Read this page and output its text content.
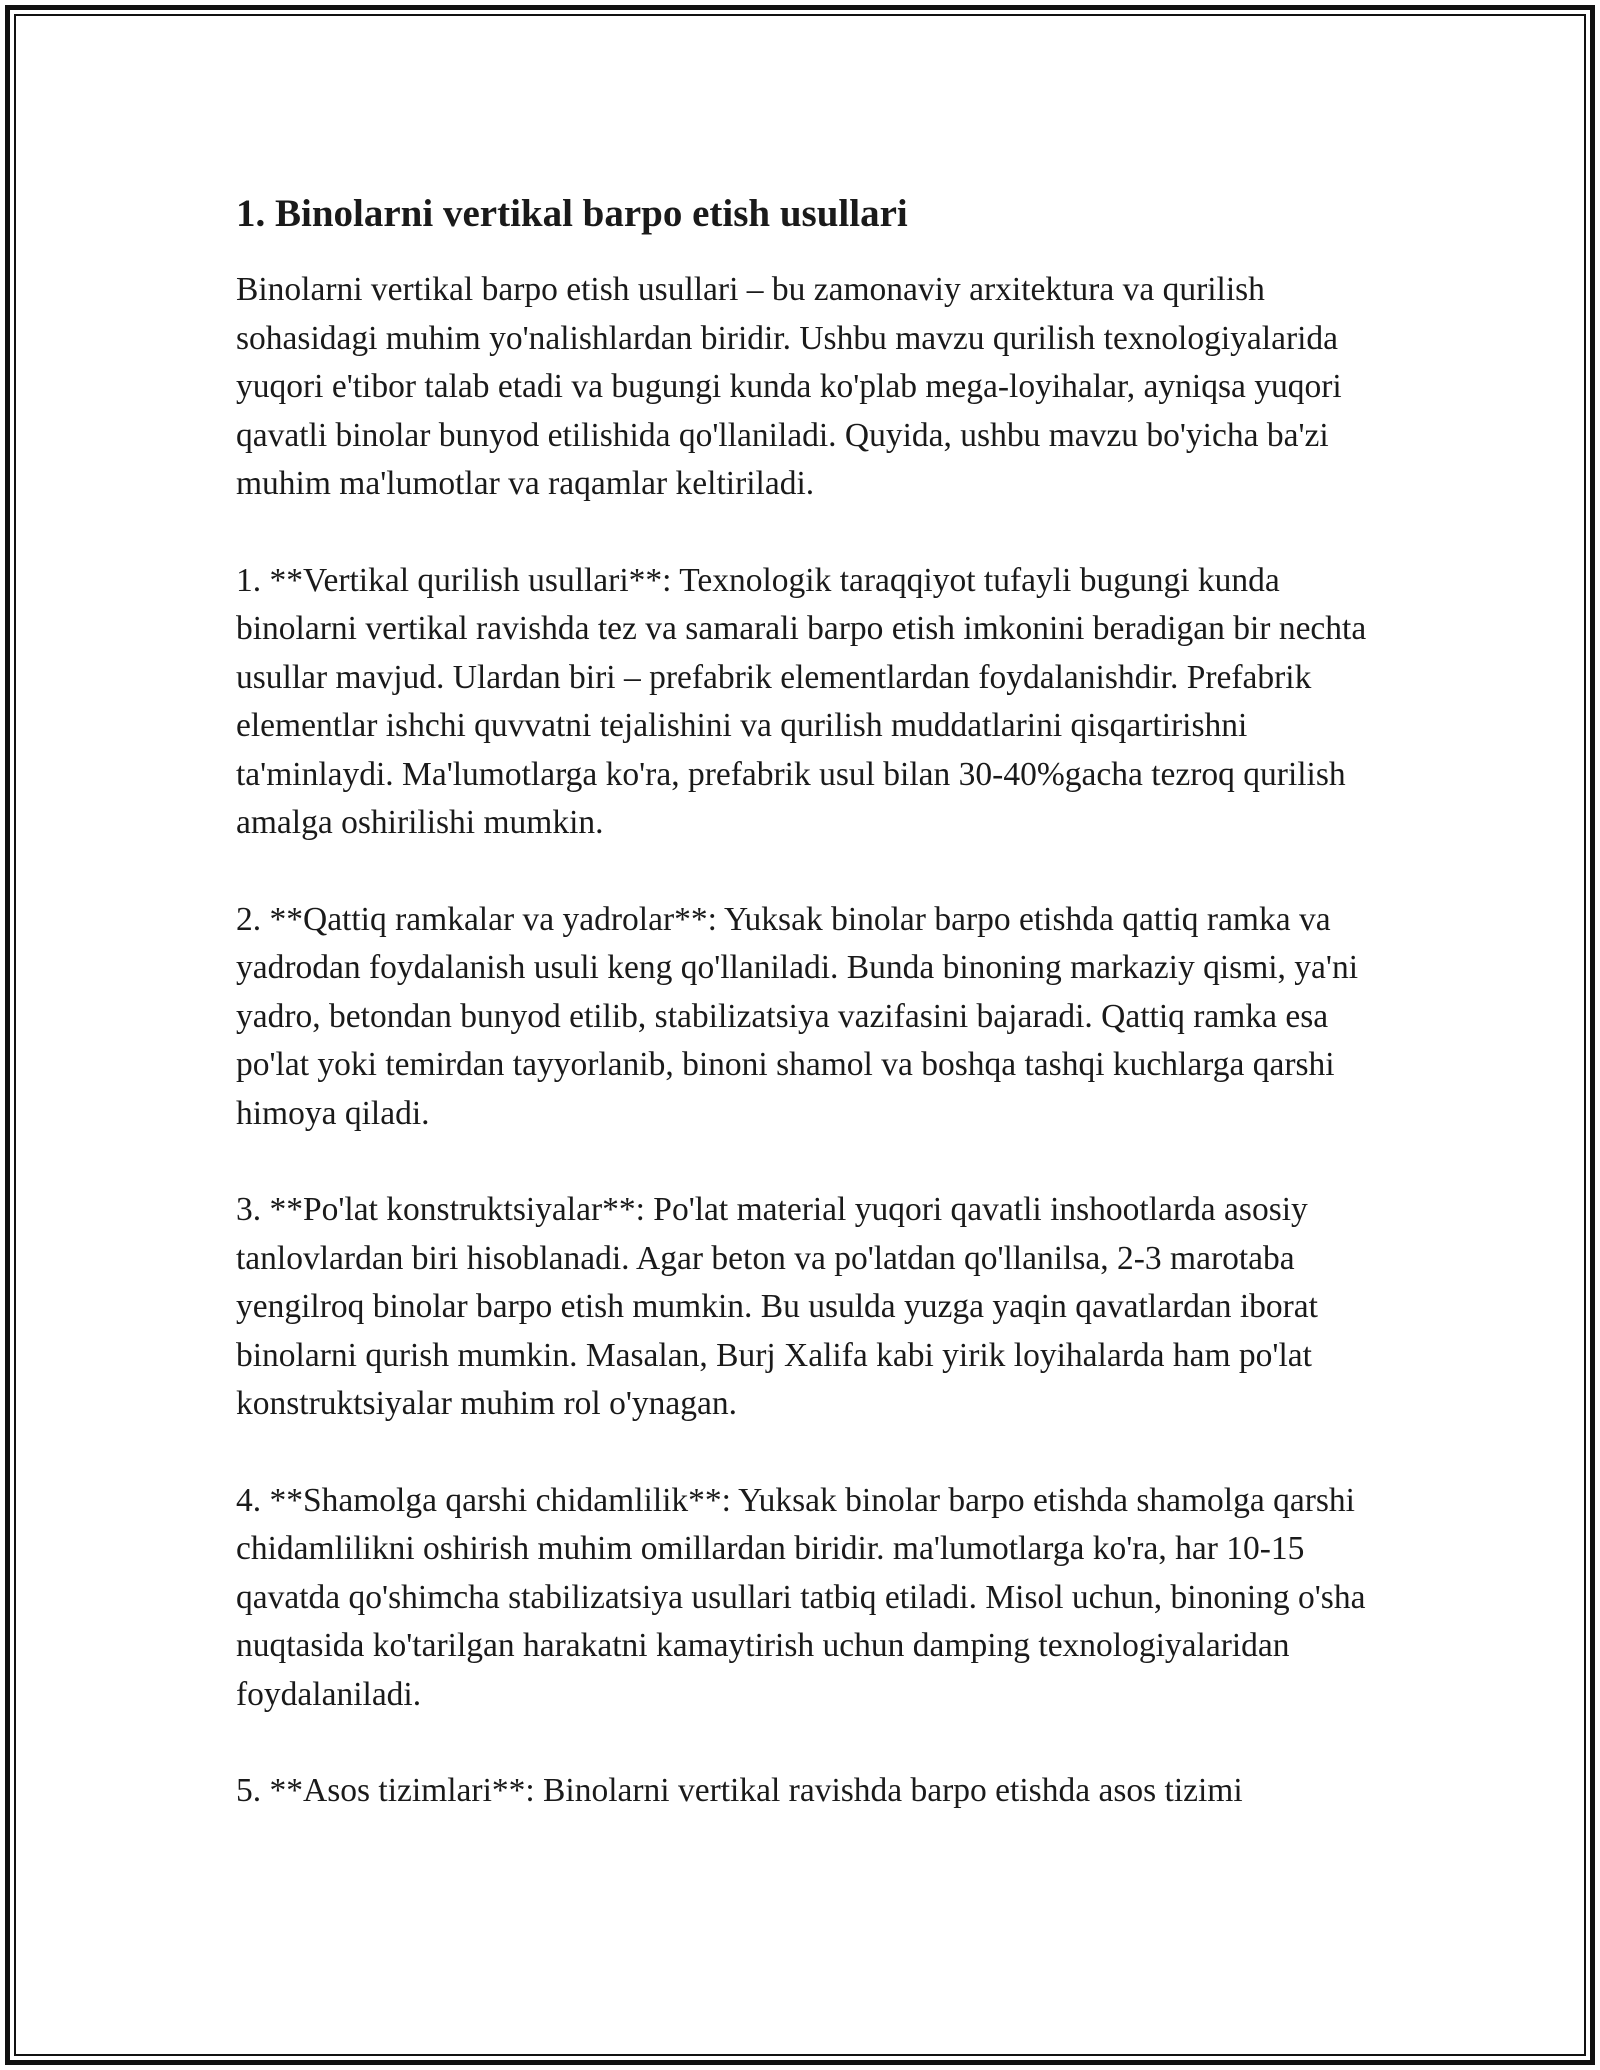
1. Binolarni vertikal barpo etish usullari

Binolarni vertikal barpo etish usullari – bu zamonaviy arxitektura va qurilish sohasidagi muhim yo'nalishlardan biridir. Ushbu mavzu qurilish texnologiyalarida yuqori e'tibor talab etadi va bugungi kunda ko'plab mega-loyihalar, ayniqsa yuqori qavatli binolar bunyod etilishida qo'llaniladi. Quyida, ushbu mavzu bo'yicha ba'zi muhim ma'lumotlar va raqamlar keltiriladi.

1. **Vertikal qurilish usullari**: Texnologik taraqqiyot tufayli bugungi kunda binolarni vertikal ravishda tez va samarali barpo etish imkonini beradigan bir nechta usullar mavjud. Ulardan biri – prefabrik elementlardan foydalanishdir. Prefabrik elementlar ishchi quvvatni tejalishini va qurilish muddatlarini qisqartirishni ta'minlaydi. Ma'lumotlarga ko'ra, prefabrik usul bilan 30-40%gacha tezroq qurilish amalga oshirilishi mumkin.

2. **Qattiq ramkalar va yadrolar**: Yuksak binolar barpo etishda qattiq ramka va yadrodan foydalanish usuli keng qo'llaniladi. Bunda binoning markaziy qismi, ya'ni yadro, betondan bunyod etilib, stabilizatsiya vazifasini bajaradi. Qattiq ramka esa po'lat yoki temirdan tayyorlanib, binoni shamol va boshqa tashqi kuchlarga qarshi himoya qiladi.

3. **Po'lat konstruktsiyalar**: Po'lat material yuqori qavatli inshootlarda asosiy tanlovlardan biri hisoblanadi. Agar beton va po'latdan qo'llanilsa, 2-3 marotaba yengilroq binolar barpo etish mumkin. Bu usulda yuzga yaqin qavatlardan iborat binolarni qurish mumkin. Masalan, Burj Xalifa kabi yirik loyihalarda ham po'lat konstruktsiyalar muhim rol o'ynagan.

4. **Shamolga qarshi chidamlilik**: Yuksak binolar barpo etishda shamolga qarshi chidamlilikni oshirish muhim omillardan biridir. ma'lumotlarga ko'ra, har 10-15 qavatda qo'shimcha stabilizatsiya usullari tatbiq etiladi. Misol uchun, binoning o'sha nuqtasida ko'tarilgan harakatni kamaytirish uchun damping texnologiyalaridan foydalaniladi.

5. **Asos tizimlari**: Binolarni vertikal ravishda barpo etishda asos tizimi
